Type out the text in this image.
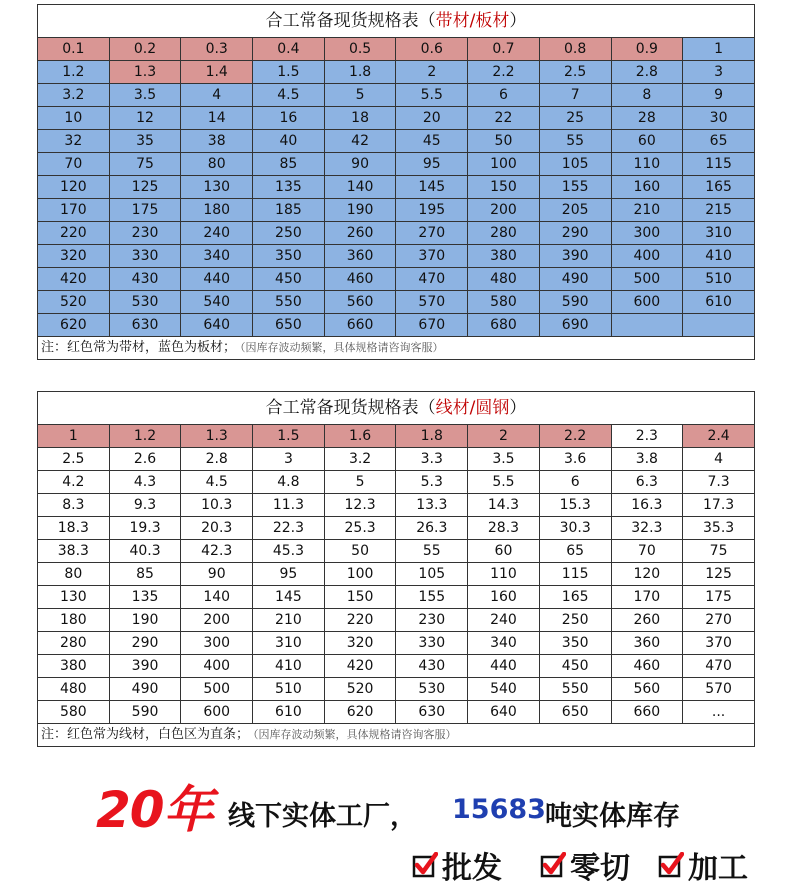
合工常备现货规格表（带材/板材）									
0.1	0.2	0.3	0.4	0.5	0.6	0.7	0.8	0.9	1
1.2	1.3	1.4	1.5	1.8	2	2.2	2.5	2.8	3
3.2	3.5	4	4.5	5	5.5	6	7	8	9
10	12	14	16	18	20	22	25	28	30
32	35	38	40	42	45	50	55	60	65
70	75	80	85	90	95	100	105	110	115
120	125	130	135	140	145	150	155	160	165
170	175	180	185	190	195	200	205	210	215
220	230	240	250	260	270	280	290	300	310
320	330	340	350	360	370	380	390	400	410
420	430	440	450	460	470	480	490	500	510
520	530	540	550	560	570	580	590	600	610
620	630	640	650	660	670	680	690		
注：红色常为带材，蓝色为板材； （因库存波动频繁，具体规格请咨询客服）									
合工常备现货规格表（线材/圆钢）									
1	1.2	1.3	1.5	1.6	1.8	2	2.2	2.3	2.4
2.5	2.6	2.8	3	3.2	3.3	3.5	3.6	3.8	4
4.2	4.3	4.5	4.8	5	5.3	5.5	6	6.3	7.3
8.3	9.3	10.3	11.3	12.3	13.3	14.3	15.3	16.3	17.3
18.3	19.3	20.3	22.3	25.3	26.3	28.3	30.3	32.3	35.3
38.3	40.3	42.3	45.3	50	55	60	65	70	75
80	85	90	95	100	105	110	115	120	125
130	135	140	145	150	155	160	165	170	175
180	190	200	210	220	230	240	250	260	270
280	290	300	310	320	330	340	350	360	370
380	390	400	410	420	430	440	450	460	470
480	490	500	510	520	530	540	550	560	570
580	590	600	610	620	630	640	650	660	...
注：红色常为线材，白色区为直条； （因库存波动频繁，具体规格请咨询客服）									
20年 线下实体工厂， 15683 吨实体库存
批发 零切 加工
